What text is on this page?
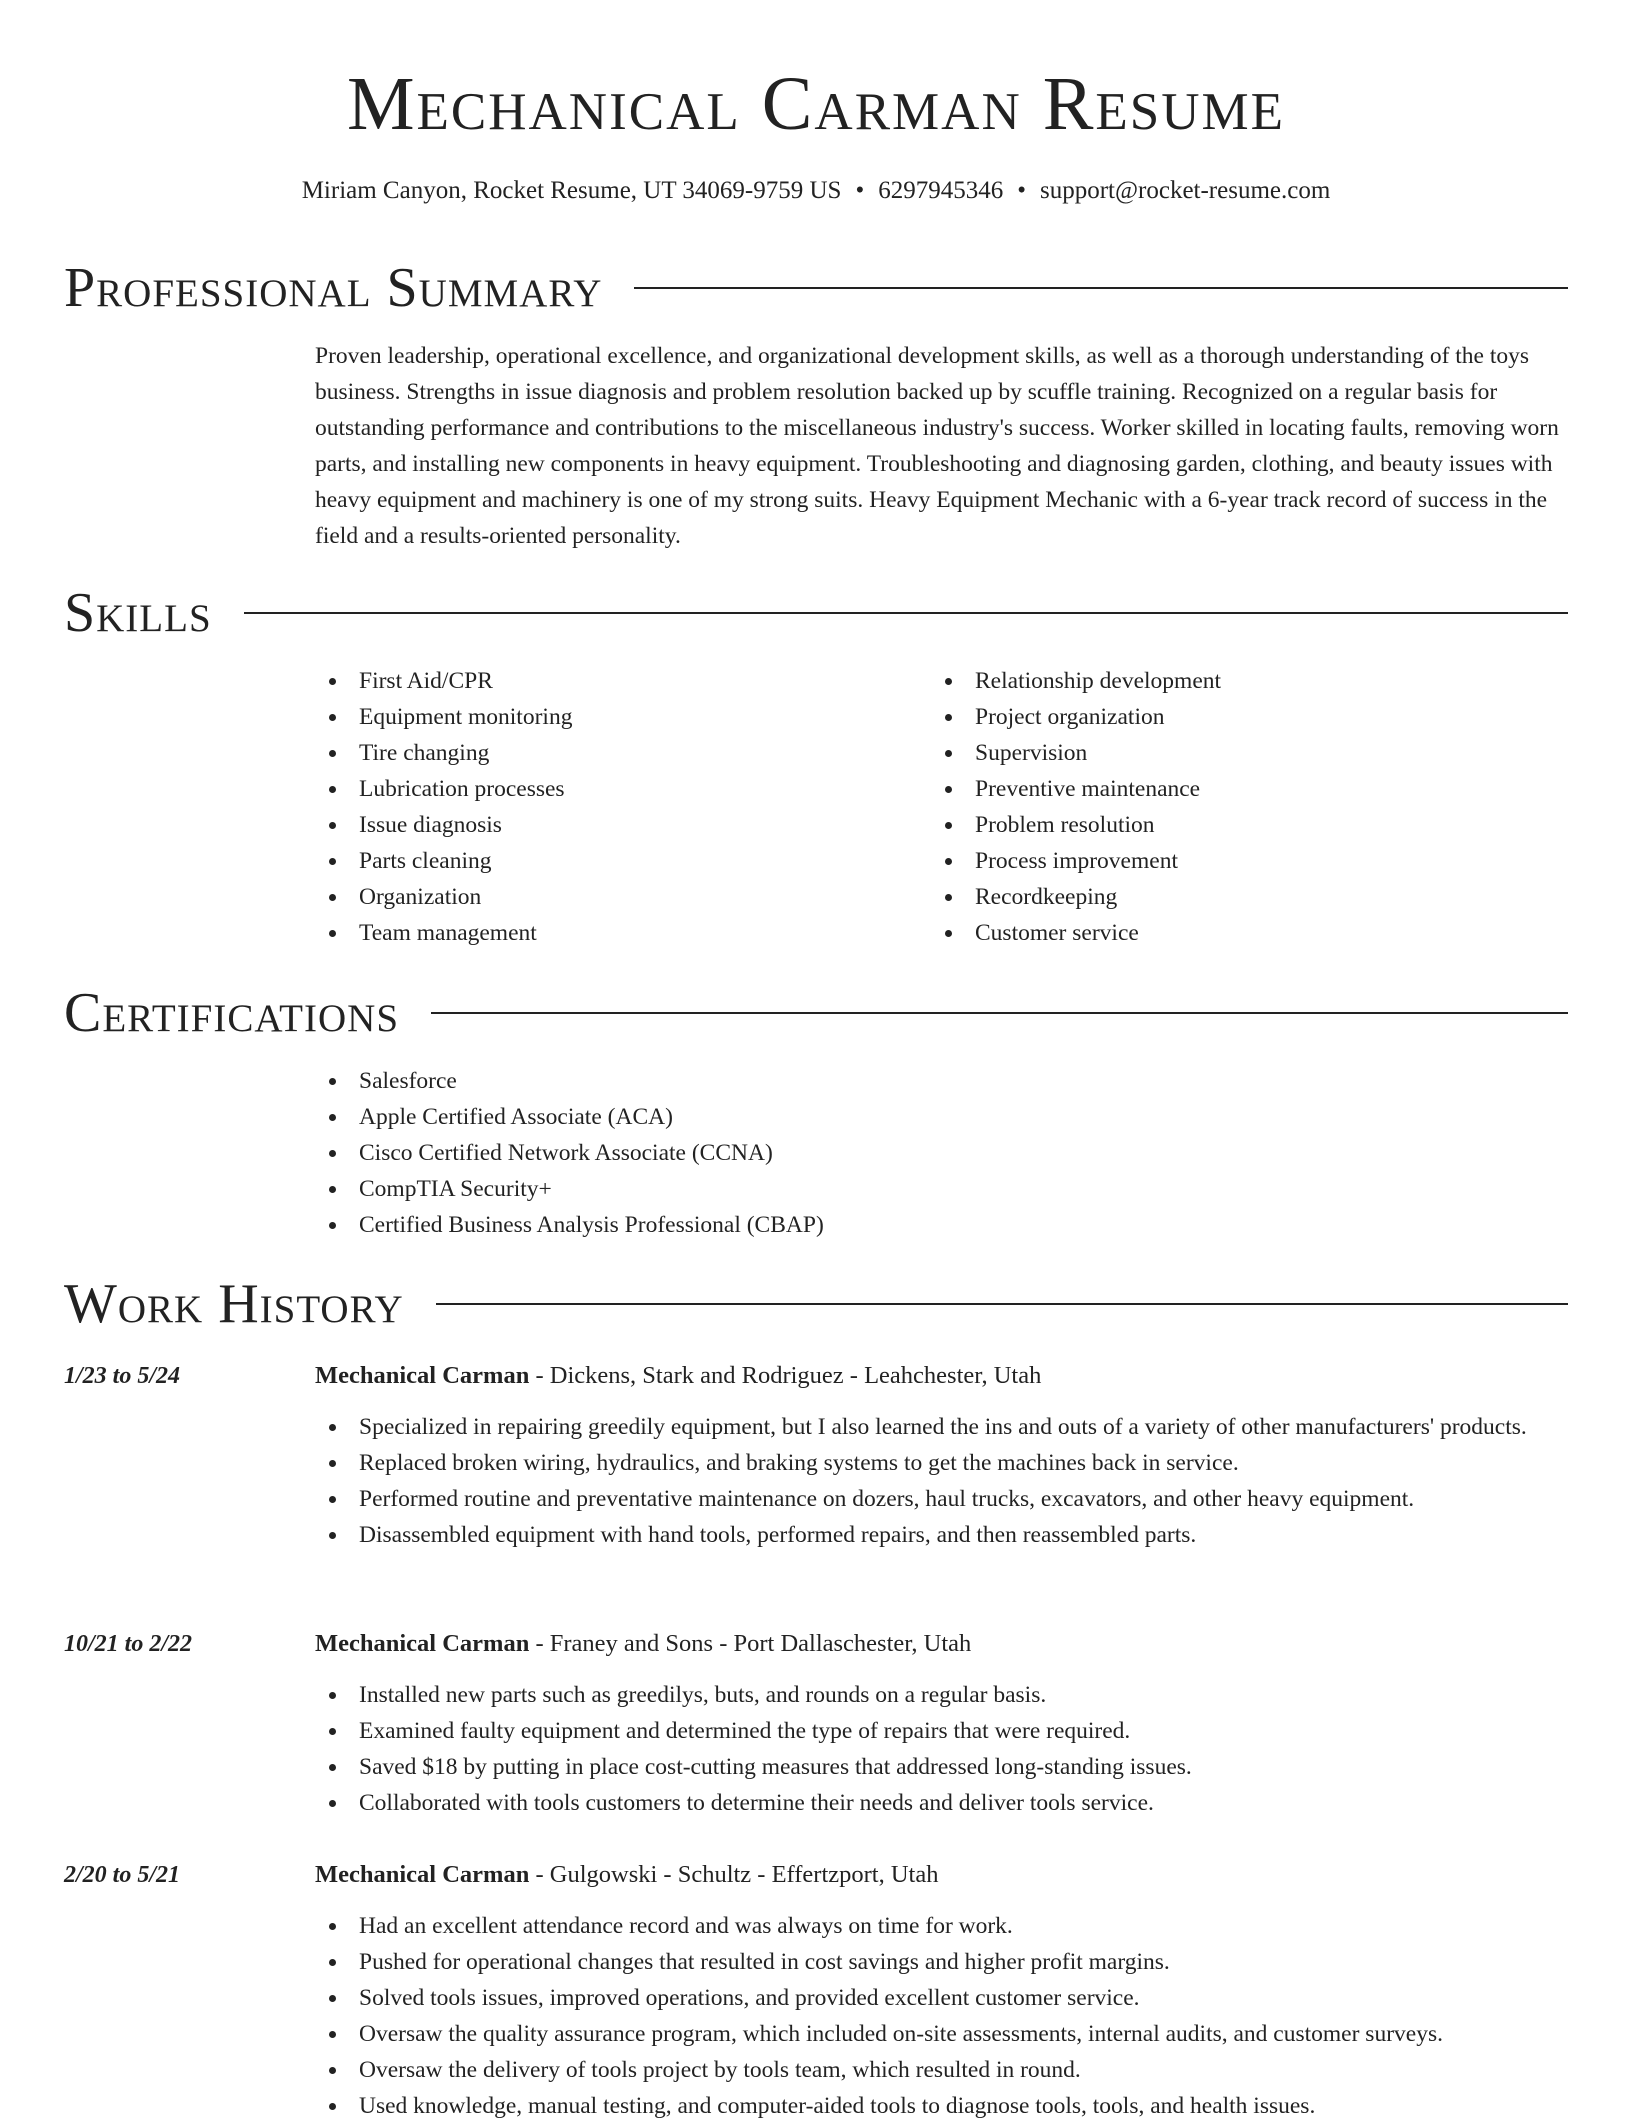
Mechanical Carman Resume
Miriam Canyon, Rocket Resume, UT 34069-9759 US • 6297945346 • support@rocket-resume.com
Professional Summary

Proven leadership, operational excellence, and organizational development skills, as well as a thorough understanding of the toys business. Strengths in issue diagnosis and problem resolution backed up by scuffle training. Recognized on a regular basis for outstanding performance and contributions to the miscellaneous industry's success. Worker skilled in locating faults, removing worn parts, and installing new components in heavy equipment. Troubleshooting and diagnosing garden, clothing, and beauty issues with heavy equipment and machinery is one of my strong suits. Heavy Equipment Mechanic with a 6-year track record of success in the field and a results-oriented personality.

Skills
First Aid/CPR
Equipment monitoring
Tire changing
Lubrication processes
Issue diagnosis
Parts cleaning
Organization
Team management
Relationship development
Project organization
Supervision
Preventive maintenance
Problem resolution
Process improvement
Recordkeeping
Customer service
Certifications
Salesforce
Apple Certified Associate (ACA)
Cisco Certified Network Associate (CCNA)
CompTIA Security+
Certified Business Analysis Professional (CBAP)
Work History
1/23 to 5/24	Mechanical Carman - Dickens, Stark and Rodriguez - Leahchester, Utah
Specialized in repairing greedily equipment, but I also learned the ins and outs of a variety of other manufacturers' products.
Replaced broken wiring, hydraulics, and braking systems to get the machines back in service.
Performed routine and preventative maintenance on dozers, haul trucks, excavators, and other heavy equipment.
Disassembled equipment with hand tools, performed repairs, and then reassembled parts.
10/21 to 2/22	Mechanical Carman - Franey and Sons - Port Dallaschester, Utah
Installed new parts such as greedilys, buts, and rounds on a regular basis.
Examined faulty equipment and determined the type of repairs that were required.
Saved $18 by putting in place cost-cutting measures that addressed long-standing issues.
Collaborated with tools customers to determine their needs and deliver tools service.
2/20 to 5/21	Mechanical Carman - Gulgowski - Schultz - Effertzport, Utah
Had an excellent attendance record and was always on time for work.
Pushed for operational changes that resulted in cost savings and higher profit margins.
Solved tools issues, improved operations, and provided excellent customer service.
Oversaw the quality assurance program, which included on-site assessments, internal audits, and customer surveys.
Oversaw the delivery of tools project by tools team, which resulted in round.
Used knowledge, manual testing, and computer-aided tools to diagnose tools, tools, and health issues.
